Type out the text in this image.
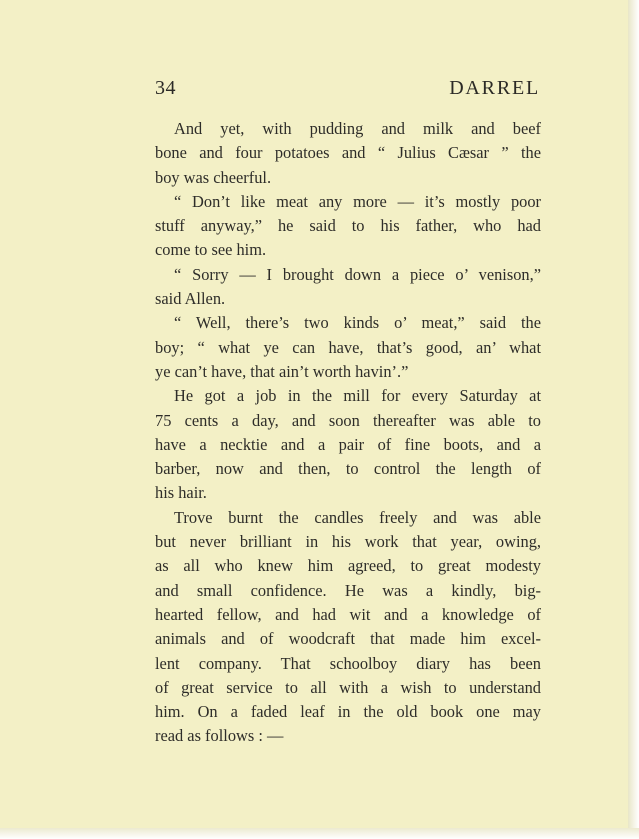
34	DARREL
And yet, with pudding and milk and beef
bone and four potatoes and “ Julius Cæsar ” the
boy was cheerful.
“ Don’t like meat any more — it’s mostly poor
stuff anyway,” he said to his father, who had
come to see him.
“ Sorry — I brought down a piece o’ venison,”
said Allen.
“ Well, there’s two kinds o’ meat,” said the
boy; “ what ye can have, that’s good, an’ what
ye can’t have, that ain’t worth havin’.”
He got a job in the mill for every Saturday at
75 cents a day, and soon thereafter was able to
have a necktie and a pair of fine boots, and a
barber, now and then, to control the length of
his hair.
Trove burnt the candles freely and was able
but never brilliant in his work that year, owing,
as all who knew him agreed, to great modesty
and small confidence. He was a kindly, big-
hearted fellow, and had wit and a knowledge of
animals and of woodcraft that made him excel-
lent company. That schoolboy diary has been
of great service to all with a wish to understand
him. On a faded leaf in the old book one may
read as follows : —
